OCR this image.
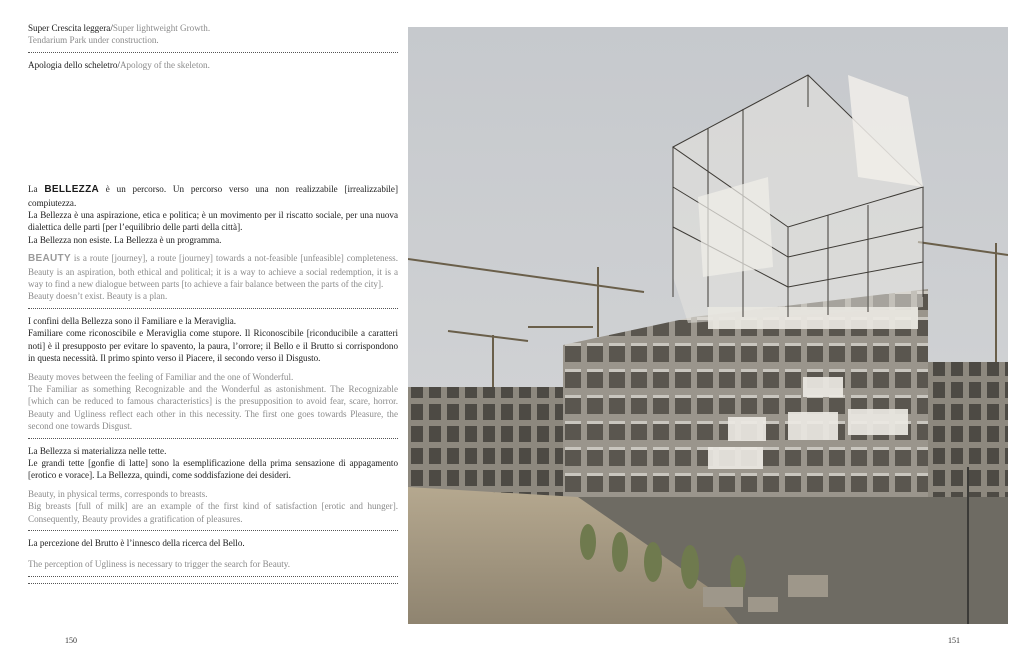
Super Crescita leggera/Super lightweight Growth.

Tendarium Park under construction.

Apologia dello scheletro/Apology of the skeleton.

La BELLEZZA è un percorso. Un percorso verso una non realizzabile [irrealizzabile] compiutezza.

La Bellezza è una aspirazione, etica e politica; è un movimento per il riscatto sociale, per una nuova dialettica delle parti [per l’equilibrio delle parti della città].

La Bellezza non esiste. La Bellezza è un programma.

BEAUTY is a route [journey], a route [journey] towards a not-feasible [unfeasible] completeness. Beauty is an aspiration, both ethical and political; it is a way to achieve a social redemption, it is a way to find a new dialogue between parts [to achieve a fair balance between the parts of the city].

Beauty doesn’t exist. Beauty is a plan.

I confini della Bellezza sono il Familiare e la Meraviglia.

Familiare come riconoscibile e Meraviglia come stupore. Il Riconoscibile [riconducibile a caratteri noti] è il presupposto per evitare lo spavento, la paura, l’orrore; il Bello e il Brutto si corrispondono in questa necessità. Il primo spinto verso il Piacere, il secondo verso il Disgusto.

Beauty moves between the feeling of Familiar and the one of Wonderful.

The Familiar as something Recognizable and the Wonderful as astonishment. The Recognizable [which can be reduced to famous characteristics] is the presupposition to avoid fear, scare, horror. Beauty and Ugliness reflect each other in this necessity. The first one goes towards Pleasure, the second one towards Disgust.

La Bellezza si materializza nelle tette.

Le grandi tette [gonfie di latte] sono la esemplificazione della prima sensazione di appagamento [erotico e vorace]. La Bellezza, quindi, come soddisfazione dei desideri.

Beauty, in physical terms, corresponds to breasts.

Big breasts [full of milk] are an example of the first kind of satisfaction [erotic and hunger]. Consequently, Beauty provides a gratification of pleasures.

La percezione del Brutto è l’innesco della ricerca del Bello.

The perception of Ugliness is necessary to trigger the search for Beauty.

150	151
